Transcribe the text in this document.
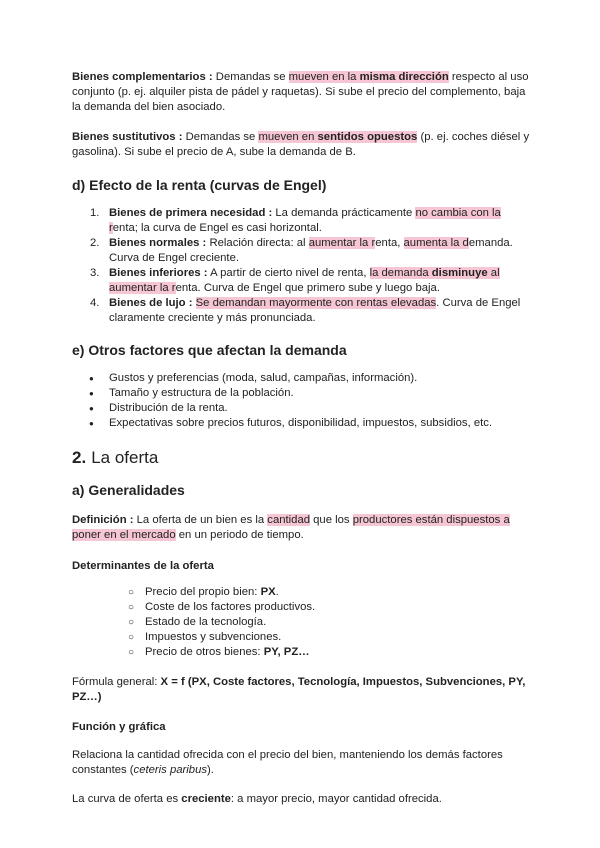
Bienes complementarios : Demandas se mueven en la misma dirección respecto al uso conjunto (p. ej. alquiler pista de pádel y raquetas). Si sube el precio del complemento, baja la demanda del bien asociado.

Bienes sustitutivos : Demandas se mueven en sentidos opuestos (p. ej. coches diésel y gasolina). Si sube el precio de A, sube la demanda de B.

d) Efecto de la renta (curvas de Engel)
1. Bienes de primera necesidad : La demanda prácticamente no cambia con la renta; la curva de Engel es casi horizontal.
2. Bienes normales : Relación directa: al aumentar la renta, aumenta la demanda. Curva de Engel creciente.
3. Bienes inferiores : A partir de cierto nivel de renta, la demanda disminuye al aumentar la renta. Curva de Engel que primero sube y luego baja.
4. Bienes de lujo : Se demandan mayormente con rentas elevadas. Curva de Engel claramente creciente y más pronunciada.
e) Otros factores que afectan la demanda
● Gustos y preferencias (moda, salud, campañas, información).
● Tamaño y estructura de la población.
● Distribución de la renta.
● Expectativas sobre precios futuros, disponibilidad, impuestos, subsidios, etc.
2. La oferta
a) Generalidades

Definición : La oferta de un bien es la cantidad que los productores están dispuestos a poner en el mercado en un periodo de tiempo.

Determinantes de la oferta
○ Precio del propio bien: PX.
○ Coste de los factores productivos.
○ Estado de la tecnología.
○ Impuestos y subvenciones.
○ Precio de otros bienes: PY, PZ…

Fórmula general: X = f (PX, Coste factores, Tecnología, Impuestos, Subvenciones, PY, PZ…)

Función y gráfica

Relaciona la cantidad ofrecida con el precio del bien, manteniendo los demás factores constantes (ceteris paribus).

La curva de oferta es creciente: a mayor precio, mayor cantidad ofrecida.
